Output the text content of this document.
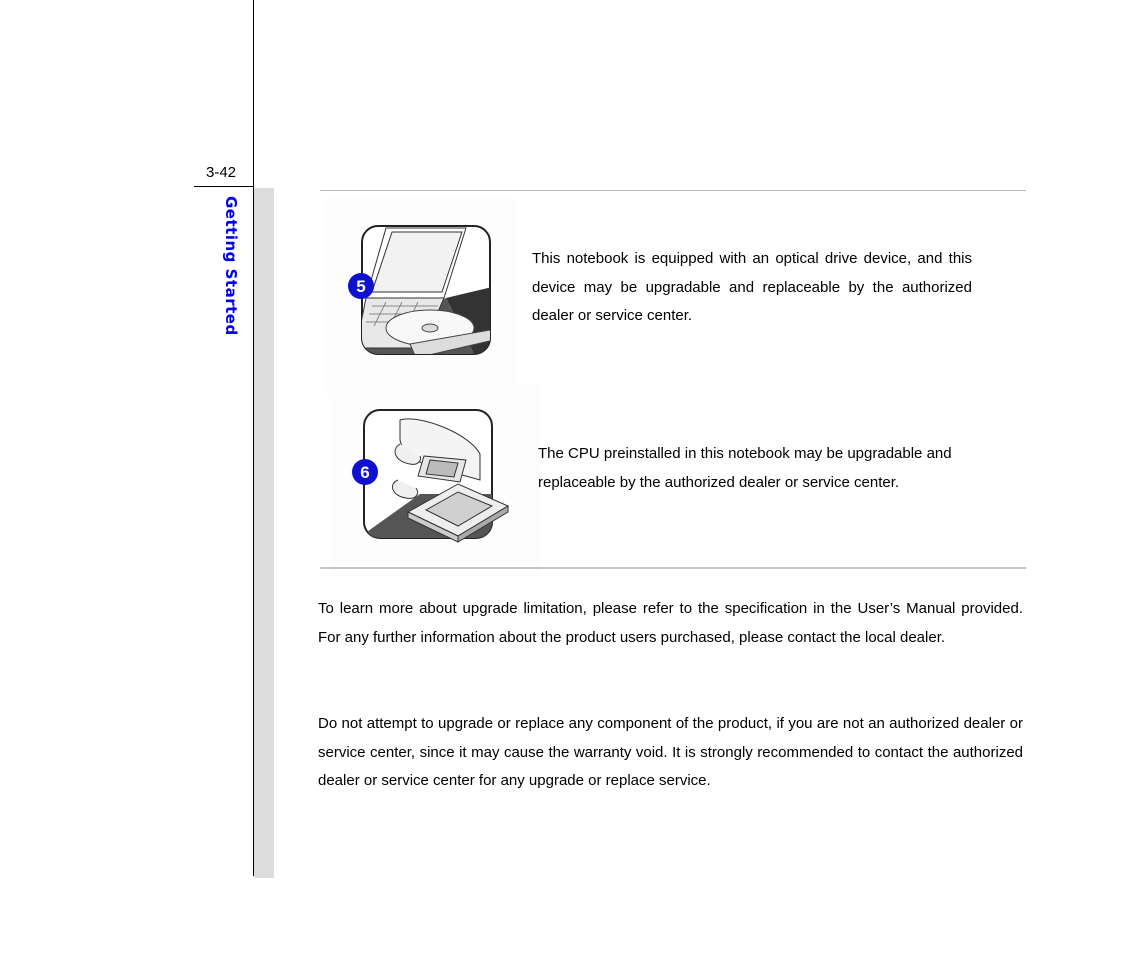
3-42
Getting Started	5
This notebook is equipped with an optical drive device, and this device may be upgradable and replaceable by the authorized dealer or service center.
6
The CPU preinstalled in this notebook may be upgradable and replaceable by the authorized dealer or service center.
To learn more about upgrade limitation, please refer to the specification in the User’s Manual provided. For any further information about the product users purchased, please contact the local dealer.
Do not attempt to upgrade or replace any component of the product, if you are not an authorized dealer or service center, since it may cause the warranty void. It is strongly recommended to contact the authorized dealer or service center for any upgrade or replace service.
